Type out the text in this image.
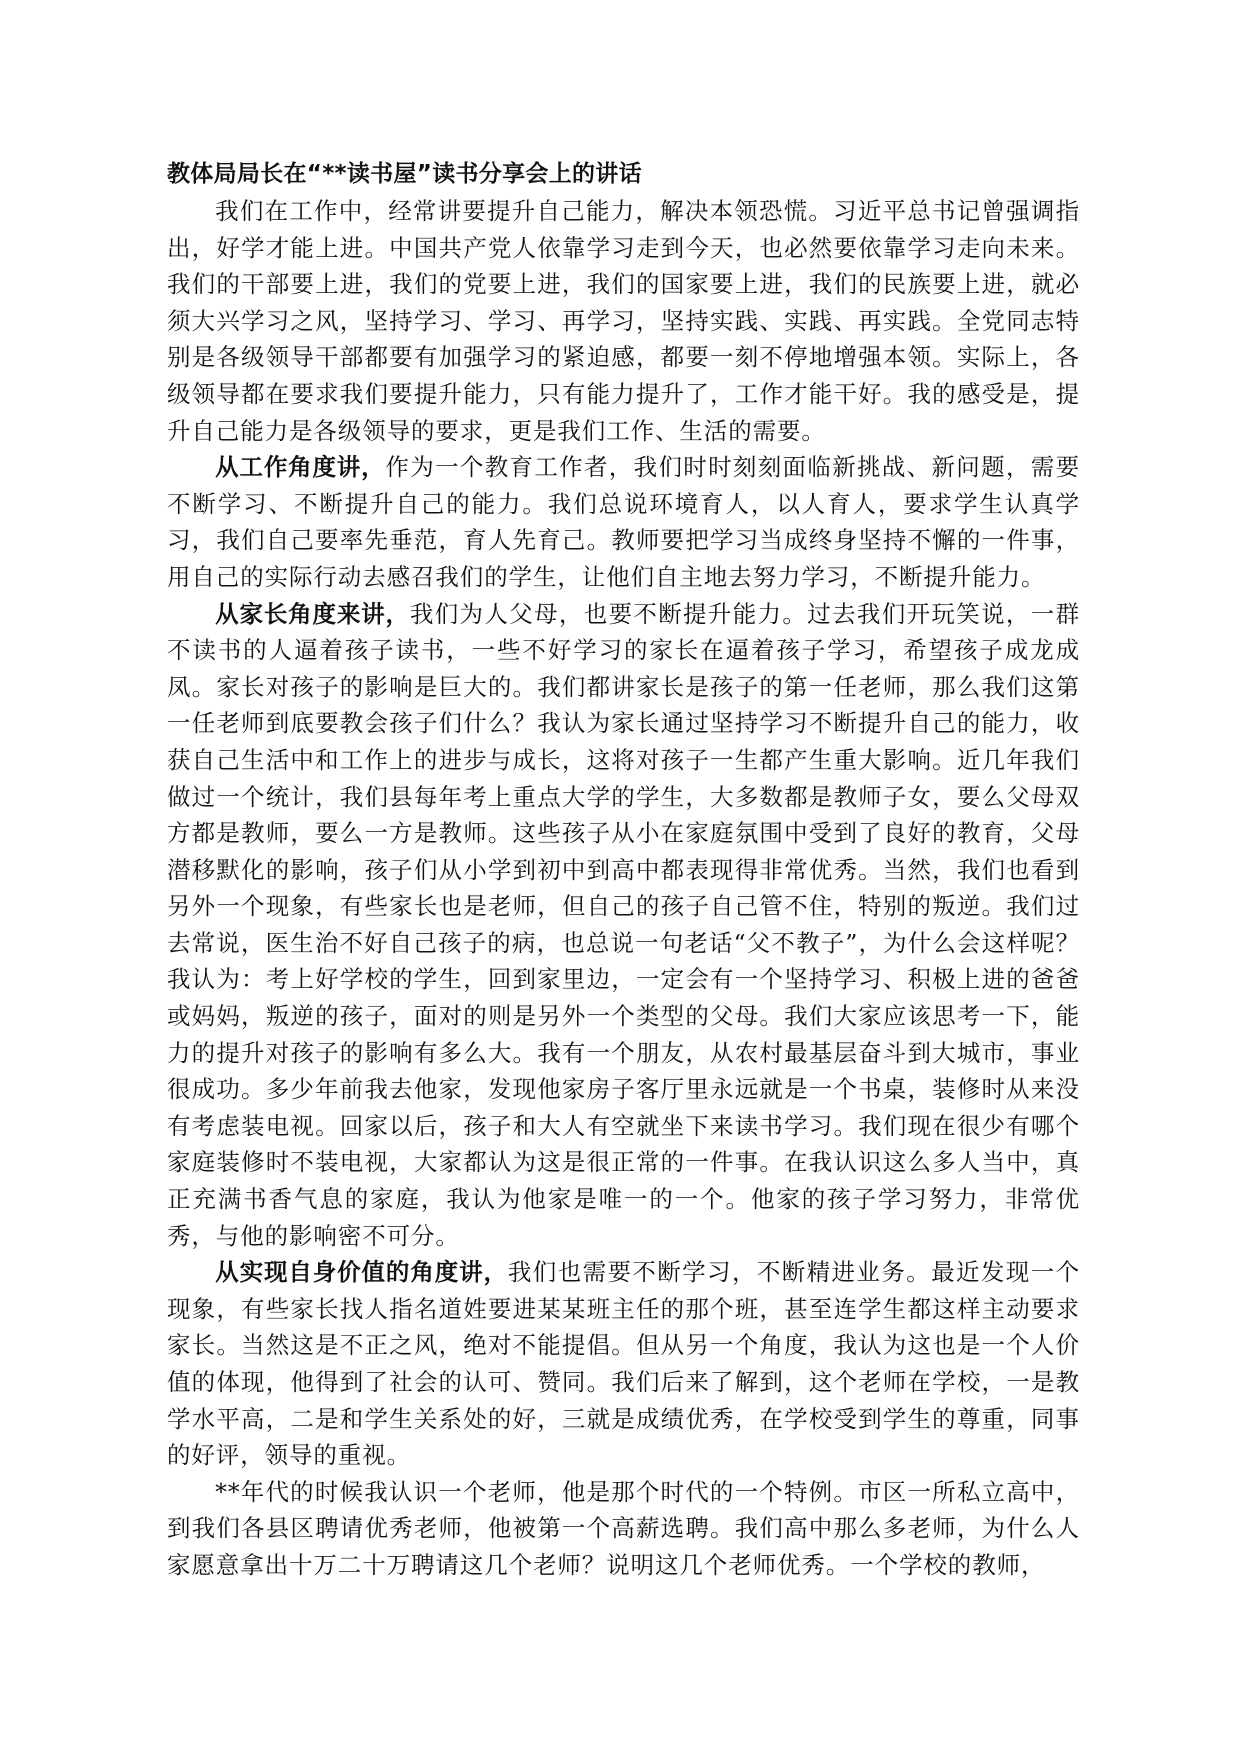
教体局局长在“**读书屋”读书分享会上的讲话

我们在工作中，经常讲要提升自己能力，解决本领恐慌。习近平总书记曾强调指出，好学才能上进。中国共产党人依靠学习走到今天，也必然要依靠学习走向未来。我们的干部要上进，我们的党要上进，我们的国家要上进，我们的民族要上进，就必须大兴学习之风，坚持学习、学习、再学习，坚持实践、实践、再实践。全党同志特别是各级领导干部都要有加强学习的紧迫感，都要一刻不停地增强本领。实际上，各级领导都在要求我们要提升能力，只有能力提升了，工作才能干好。我的感受是，提升自己能力是各级领导的要求，更是我们工作、生活的需要。

从工作角度讲，作为一个教育工作者，我们时时刻刻面临新挑战、新问题，需要不断学习、不断提升自己的能力。我们总说环境育人，以人育人，要求学生认真学习，我们自己要率先垂范，育人先育己。教师要把学习当成终身坚持不懈的一件事，用自己的实际行动去感召我们的学生，让他们自主地去努力学习，不断提升能力。

从家长角度来讲，我们为人父母，也要不断提升能力。过去我们开玩笑说，一群不读书的人逼着孩子读书，一些不好学习的家长在逼着孩子学习，希望孩子成龙成凤。家长对孩子的影响是巨大的。我们都讲家长是孩子的第一任老师，那么我们这第一任老师到底要教会孩子们什么？我认为家长通过坚持学习不断提升自己的能力，收获自己生活中和工作上的进步与成长，这将对孩子一生都产生重大影响。近几年我们做过一个统计，我们县每年考上重点大学的学生，大多数都是教师子女，要么父母双方都是教师，要么一方是教师。这些孩子从小在家庭氛围中受到了良好的教育，父母潜移默化的影响，孩子们从小学到初中到高中都表现得非常优秀。当然，我们也看到另外一个现象，有些家长也是老师，但自己的孩子自己管不住，特别的叛逆。我们过去常说，医生治不好自己孩子的病，也总说一句老话“父不教子”，为什么会这样呢？我认为：考上好学校的学生，回到家里边，一定会有一个坚持学习、积极上进的爸爸或妈妈，叛逆的孩子，面对的则是另外一个类型的父母。我们大家应该思考一下，能力的提升对孩子的影响有多么大。我有一个朋友，从农村最基层奋斗到大城市，事业很成功。多少年前我去他家，发现他家房子客厅里永远就是一个书桌，装修时从来没有考虑装电视。回家以后，孩子和大人有空就坐下来读书学习。我们现在很少有哪个家庭装修时不装电视，大家都认为这是很正常的一件事。在我认识这么多人当中，真正充满书香气息的家庭，我认为他家是唯一的一个。他家的孩子学习努力，非常优秀，与他的影响密不可分。

从实现自身价值的角度讲，我们也需要不断学习，不断精进业务。最近发现一个现象，有些家长找人指名道姓要进某某班主任的那个班，甚至连学生都这样主动要求家长。当然这是不正之风，绝对不能提倡。但从另一个角度，我认为这也是一个人价值的体现，他得到了社会的认可、赞同。我们后来了解到，这个老师在学校，一是教学水平高，二是和学生关系处的好，三就是成绩优秀，在学校受到学生的尊重，同事的好评，领导的重视。

**年代的时候我认识一个老师，他是那个时代的一个特例。市区一所私立高中，到我们各县区聘请优秀老师，他被第一个高薪选聘。我们高中那么多老师，为什么人家愿意拿出十万二十万聘请这几个老师？说明这几个老师优秀。一个学校的教师，
